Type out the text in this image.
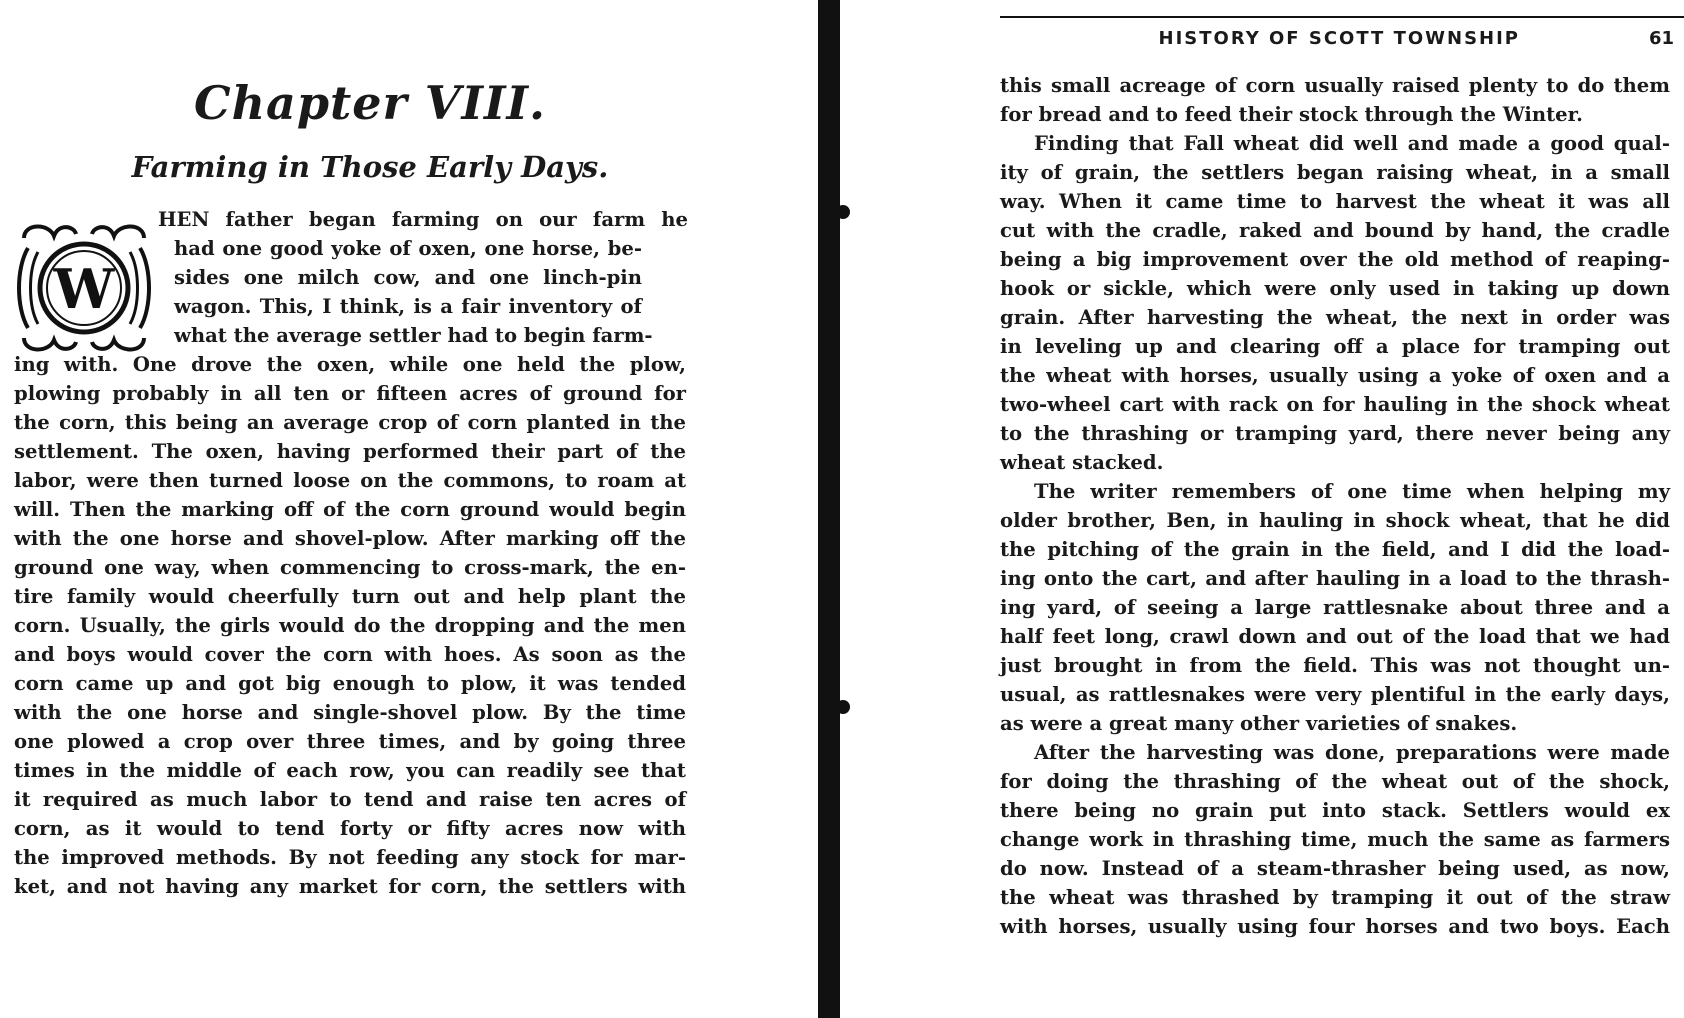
Chapter VIII.
Farming in Those Early Days.
W
HEN father began farming on our farm he
had one good yoke of oxen, one horse, be-
sides one milch cow, and one linch-pin
wagon. This, I think, is a fair inventory of
what the average settler had to begin farm-
ing with. One drove the oxen, while one held the plow,
plowing probably in all ten or fifteen acres of ground for
the corn, this being an average crop of corn planted in the
settlement. The oxen, having performed their part of the
labor, were then turned loose on the commons, to roam at
will. Then the marking off of the corn ground would begin
with the one horse and shovel-plow. After marking off the
ground one way, when commencing to cross-mark, the en-
tire family would cheerfully turn out and help plant the
corn. Usually, the girls would do the dropping and the men
and boys would cover the corn with hoes. As soon as the
corn came up and got big enough to plow, it was tended
with the one horse and single-shovel plow. By the time
one plowed a crop over three times, and by going three
times in the middle of each row, you can readily see that
it required as much labor to tend and raise ten acres of
corn, as it would to tend forty or fifty acres now with
the improved methods. By not feeding any stock for mar-
ket, and not having any market for corn, the settlers with
HISTORY OF SCOTT TOWNSHIP	61
this small acreage of corn usually raised plenty to do them
for bread and to feed their stock through the Winter.
Finding that Fall wheat did well and made a good qual-
ity of grain, the settlers began raising wheat, in a small
way. When it came time to harvest the wheat it was all
cut with the cradle, raked and bound by hand, the cradle
being a big improvement over the old method of reaping-
hook or sickle, which were only used in taking up down
grain. After harvesting the wheat, the next in order was
in leveling up and clearing off a place for tramping out
the wheat with horses, usually using a yoke of oxen and a
two-wheel cart with rack on for hauling in the shock wheat
to the thrashing or tramping yard, there never being any
wheat stacked.
The writer remembers of one time when helping my
older brother, Ben, in hauling in shock wheat, that he did
the pitching of the grain in the field, and I did the load-
ing onto the cart, and after hauling in a load to the thrash-
ing yard, of seeing a large rattlesnake about three and a
half feet long, crawl down and out of the load that we had
just brought in from the field. This was not thought un-
usual, as rattlesnakes were very plentiful in the early days,
as were a great many other varieties of snakes.
After the harvesting was done, preparations were made
for doing the thrashing of the wheat out of the shock,
there being no grain put into stack. Settlers would ex
change work in thrashing time, much the same as farmers
do now. Instead of a steam-thrasher being used, as now,
the wheat was thrashed by tramping it out of the straw
with horses, usually using four horses and two boys. Each
